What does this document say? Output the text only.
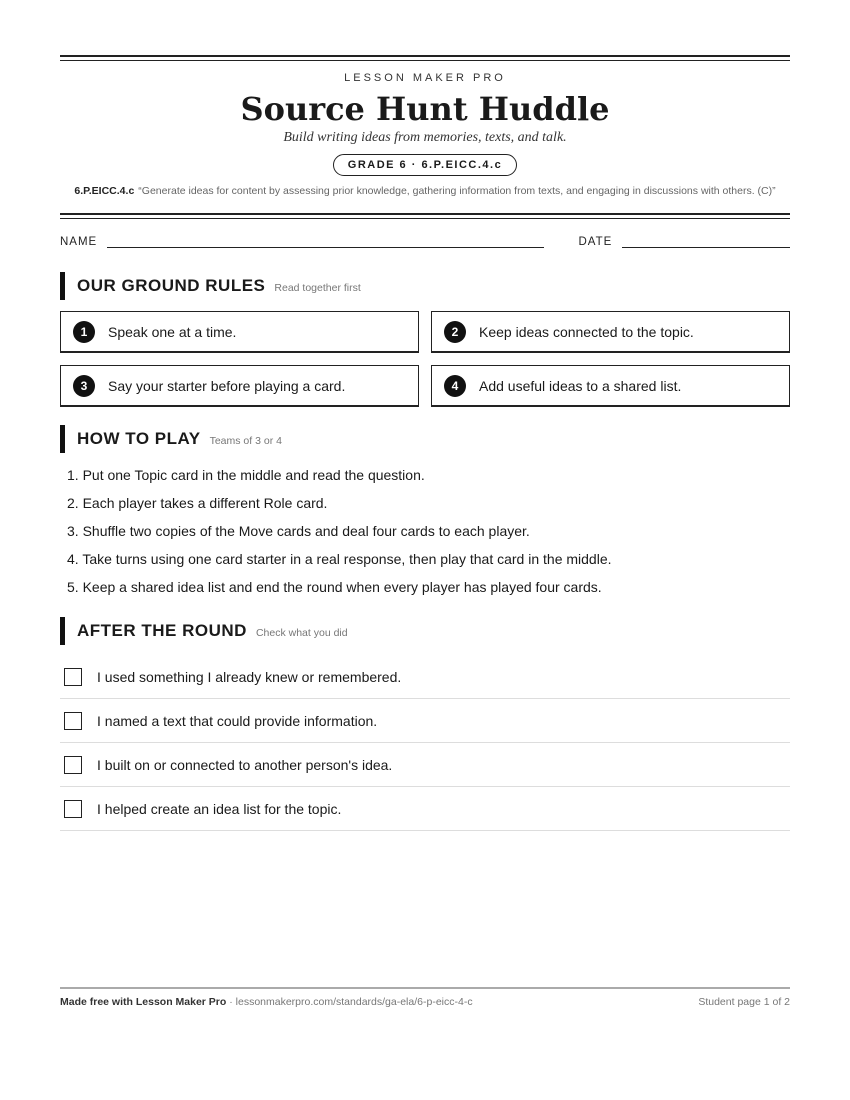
LESSON MAKER PRO
Source Hunt Huddle
Build writing ideas from memories, texts, and talk.
GRADE 6 · 6.P.EICC.4.c
6.P.EICC.4.c “Generate ideas for content by assessing prior knowledge, gathering information from texts, and engaging in discussions with others. (C)”
NAME	DATE
OUR GROUND RULES Read together first
1	Speak one at a time.	2	Keep ideas connected to the topic.
3	Say your starter before playing a card.	4	Add useful ideas to a shared list.
HOW TO PLAY Teams of 3 or 4
1. Put one Topic card in the middle and read the question.
2. Each player takes a different Role card.
3. Shuffle two copies of the Move cards and deal four cards to each player.
4. Take turns using one card starter in a real response, then play that card in the middle.
5. Keep a shared idea list and end the round when every player has played four cards.
AFTER THE ROUND Check what you did
I used something I already knew or remembered.
I named a text that could provide information.
I built on or connected to another person's idea.
I helped create an idea list for the topic.
Made free with Lesson Maker Pro · lessonmakerpro.com/standards/ga-ela/6-p-eicc-4-c	Student page 1 of 2
